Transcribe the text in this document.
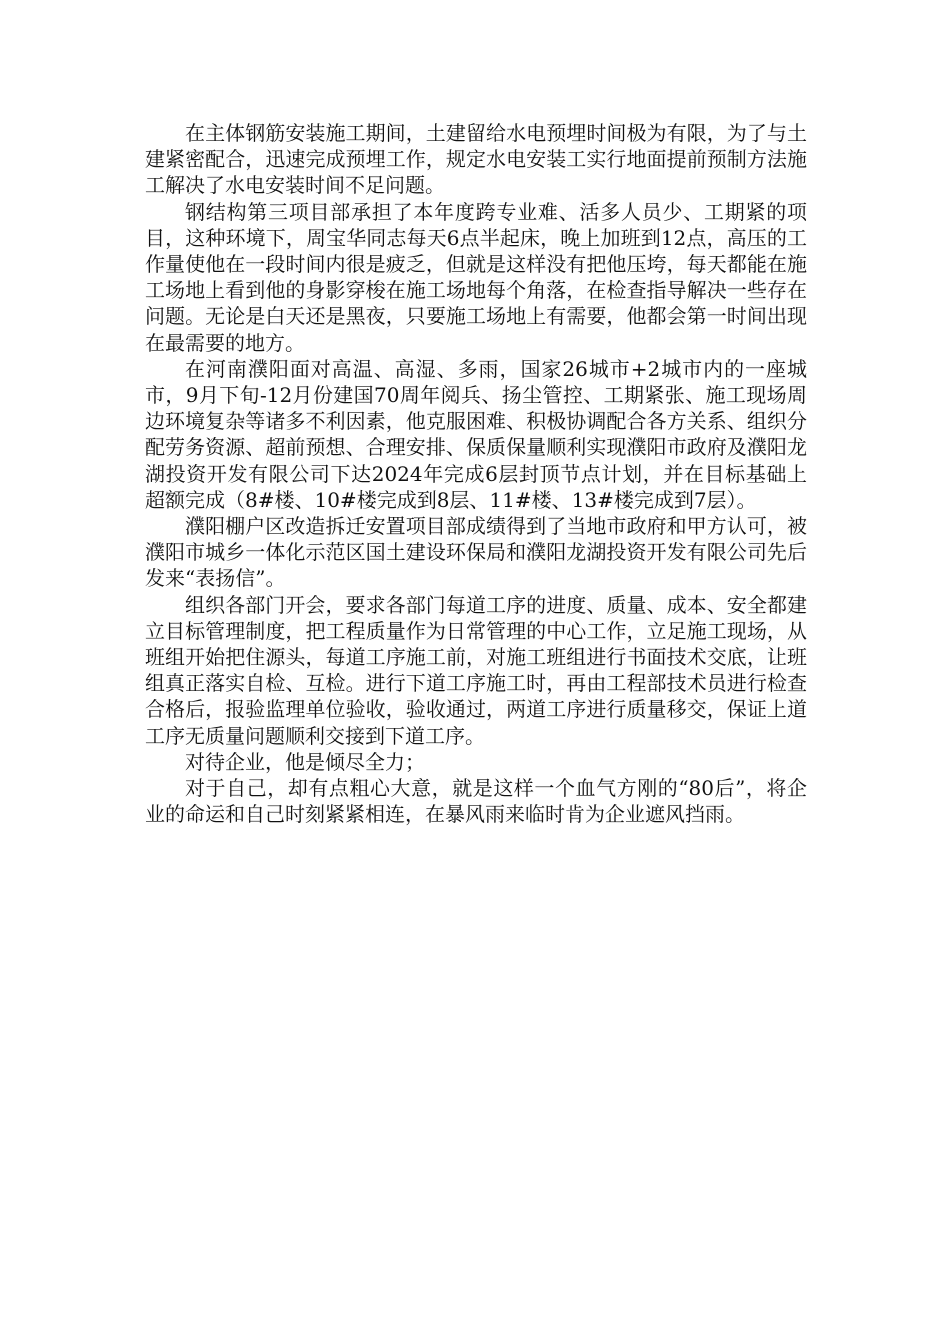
在主体钢筋安装施工期间，土建留给水电预埋时间极为有限，为了与土建紧密配合，迅速完成预埋工作，规定水电安装工实行地面提前预制方法施工解决了水电安装时间不足问题。

钢结构第三项目部承担了本年度跨专业难、活多人员少、工期紧的项目，这种环境下，周宝华同志每天6点半起床，晚上加班到12点，高压的工作量使他在一段时间内很是疲乏，但就是这样没有把他压垮，每天都能在施工场地上看到他的身影穿梭在施工场地每个角落，在检查指导解决一些存在问题。无论是白天还是黑夜，只要施工场地上有需要，他都会第一时间出现在最需要的地方。

在河南濮阳面对高温、高湿、多雨，国家26城市+2城市内的一座城市，9月下旬-12月份建国70周年阅兵、扬尘管控、工期紧张、施工现场周边环境复杂等诸多不利因素，他克服困难、积极协调配合各方关系、组织分配劳务资源、超前预想、合理安排、保质保量顺利实现濮阳市政府及濮阳龙湖投资开发有限公司下达2024年完成6层封顶节点计划，并在目标基础上超额完成（8#楼、10#楼完成到8层、11#楼、13#楼完成到7层）。

濮阳棚户区改造拆迁安置项目部成绩得到了当地市政府和甲方认可，被濮阳市城乡一体化示范区国土建设环保局和濮阳龙湖投资开发有限公司先后发来“表扬信”。

组织各部门开会，要求各部门每道工序的进度、质量、成本、安全都建立目标管理制度，把工程质量作为日常管理的中心工作，立足施工现场，从班组开始把住源头，每道工序施工前，对施工班组进行书面技术交底，让班组真正落实自检、互检。进行下道工序施工时，再由工程部技术员进行检查合格后，报验监理单位验收，验收通过，两道工序进行质量移交，保证上道工序无质量问题顺利交接到下道工序。

对待企业，他是倾尽全力；

对于自己，却有点粗心大意，就是这样一个血气方刚的“80后”，将企业的命运和自己时刻紧紧相连，在暴风雨来临时肯为企业遮风挡雨。
